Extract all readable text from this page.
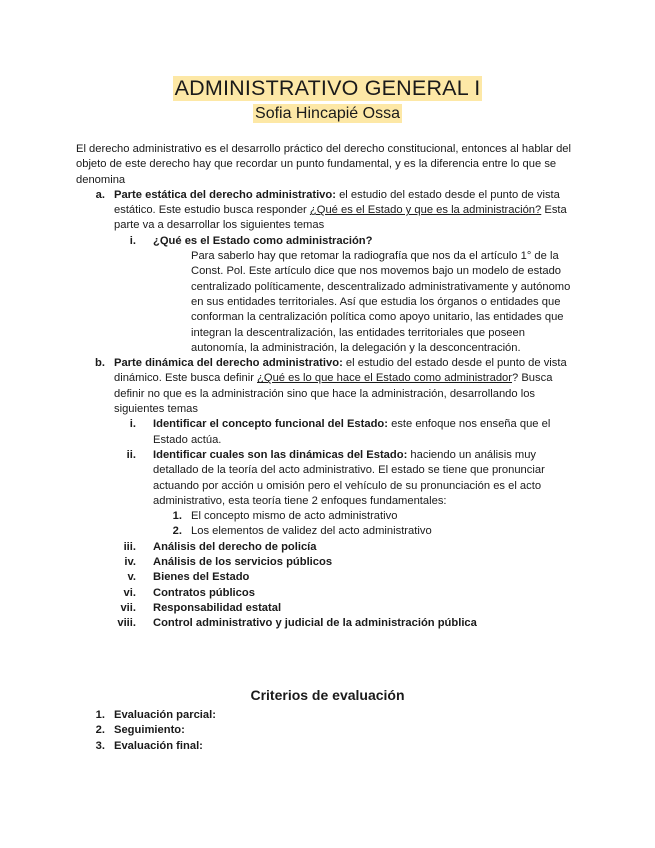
ADMINISTRATIVO GENERAL I
Sofia Hincapié Ossa

El derecho administrativo es el desarrollo práctico del derecho constitucional, entonces al hablar del objeto de este derecho hay que recordar un punto fundamental, y es la diferencia entre lo que se denomina

a. Parte estática del derecho administrativo: el estudio del estado desde el punto de vista estático. Este estudio busca responder ¿Qué es el Estado y que es la administración? Esta parte va a desarrollar los siguientes temas

i. ¿Qué es el Estado como administración?

Para saberlo hay que retomar la radiografía que nos da el artículo 1° de la Const. Pol. Este artículo dice que nos movemos bajo un modelo de estado centralizado políticamente, descentralizado administrativamente y autónomo en sus entidades territoriales. Así que estudia los órganos o entidades que conforman la centralización política como apoyo unitario, las entidades que integran la descentralización, las entidades territoriales que poseen autonomía, la administración, la delegación y la desconcentración.

b. Parte dinámica del derecho administrativo: el estudio del estado desde el punto de vista dinámico. Este busca definir ¿Qué es lo que hace el Estado como administrador? Busca definir no que es la administración sino que hace la administración, desarrollando los siguientes temas

i. Identificar el concepto funcional del Estado: este enfoque nos enseña que el Estado actúa.

ii. Identificar cuales son las dinámicas del Estado: haciendo un análisis muy detallado de la teoría del acto administrativo. El estado se tiene que pronunciar actuando por acción u omisión pero el vehículo de su pronunciación es el acto administrativo, esta teoría tiene 2 enfoques fundamentales:

1. El concepto mismo de acto administrativo

2. Los elementos de validez del acto administrativo

iii. Análisis del derecho de policía

iv. Análisis de los servicios públicos

v. Bienes del Estado

vi. Contratos públicos

vii. Responsabilidad estatal

viii. Control administrativo y judicial de la administración pública

Criterios de evaluación
1. Evaluación parcial:

2. Seguimiento:

3. Evaluación final:
